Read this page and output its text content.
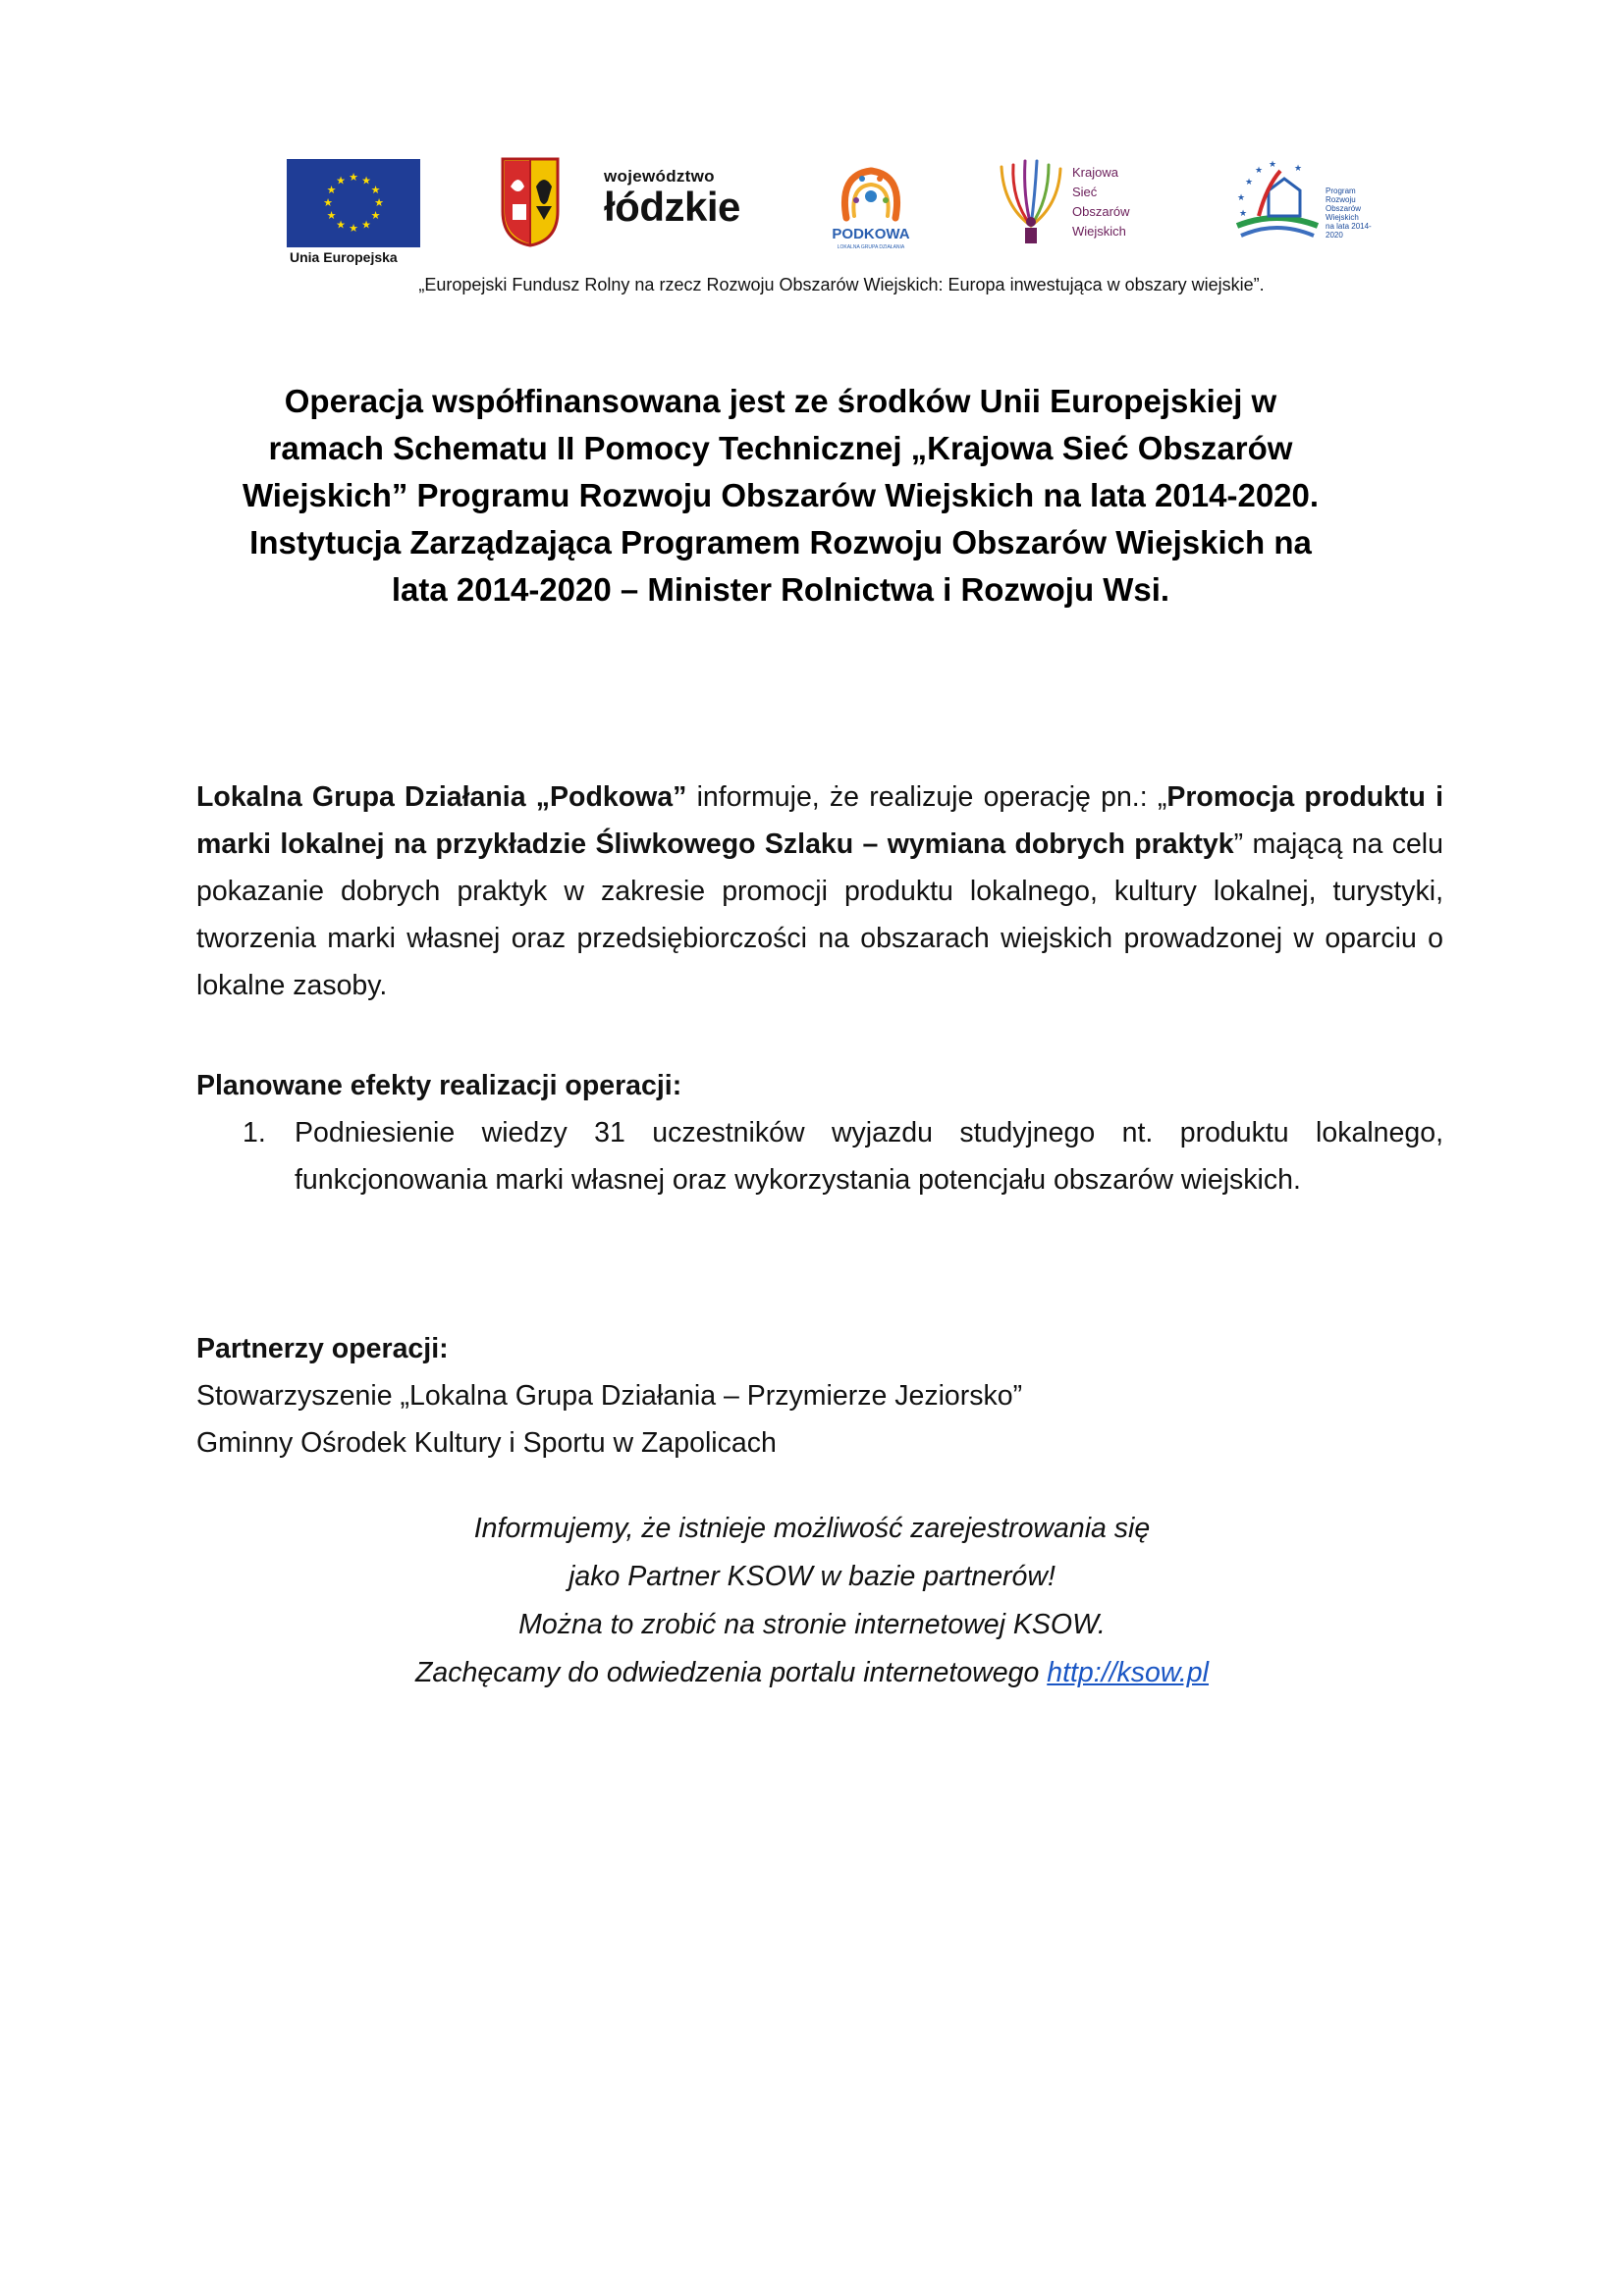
★ ★
★
★
★
★
★
★
★
★
★
★
Unia Europejska
województwo
łódzkie
PODKOWA
LOKALNA GRUPA DZIAŁANIA
Krajowa
Sieć
Obszarów
Wiejskich
★
★
★
★
★
★
Program
Rozwoju
Obszarów
Wiejskich
na lata 2014-2020
„Europejski Fundusz Rolny na rzecz Rozwoju Obszarów Wiejskich: Europa inwestująca w obszary wiejskie”.
Operacja współfinansowana jest ze środków Unii Europejskiej w
ramach Schematu II Pomocy Technicznej „Krajowa Sieć Obszarów
Wiejskich” Programu Rozwoju Obszarów Wiejskich na lata 2014-2020.
Instytucja Zarządzająca Programem Rozwoju Obszarów Wiejskich na
lata 2014-2020 – Minister Rolnictwa i Rozwoju Wsi.
Lokalna Grupa Działania „Podkowa” informuje, że realizuje operację pn.: „Promocja produktu i marki lokalnej na przykładzie Śliwkowego Szlaku – wymiana dobrych praktyk” mającą na celu pokazanie dobrych praktyk w zakresie promocji produktu lokalnego, kultury lokalnej, turystyki, tworzenia marki własnej oraz przedsiębiorczości na obszarach wiejskich prowadzonej w oparciu o lokalne zasoby.
Planowane efekty realizacji operacji:
1. Podniesienie wiedzy 31 uczestników wyjazdu studyjnego nt. produktu lokalnego, funkcjonowania marki własnej oraz wykorzystania potencjału obszarów wiejskich.
Partnerzy operacji:
Stowarzyszenie „Lokalna Grupa Działania – Przymierze Jeziorsko”
Gminny Ośrodek Kultury i Sportu w Zapolicach
Informujemy, że istnieje możliwość zarejestrowania się
jako Partner KSOW w bazie partnerów!
Można to zrobić na stronie internetowej KSOW.
Zachęcamy do odwiedzenia portalu internetowego http://ksow.pl
